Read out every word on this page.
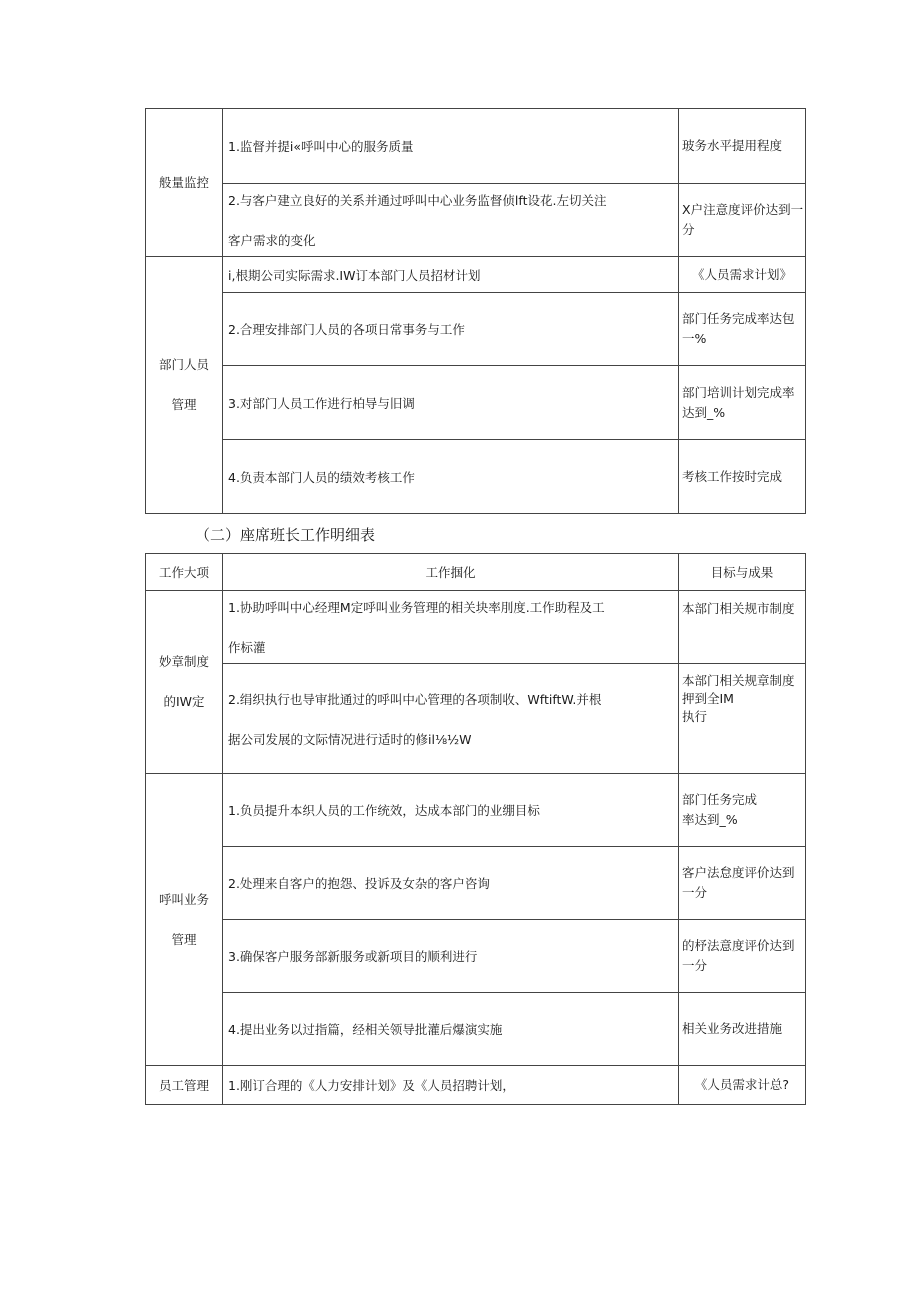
般量监控	1.监督并提i«呼叫中心的服务质量	玻务水平提用程度

	2.与客户建立良好的关系并通过呼叫中心业务监督侦lft设花.左切关注
客户需求的变化	X户注意度评价达到一
分

部门人员
管理	i,根期公司实际需求.IW订本部门人员招材计划	《人员需求计划》
	2.合理安排部门人员的各项日常事务与工作	部门任务完成率达包
一%

	3.对部门人员工作进行柏导与旧调	部门培训计划完成率
达到_%

	4.负责本部门人员的绩效考核工作	考核工作按时完成
（二）座席班长工作明细表
工作大项	工作掴化	目标与成果

妙章制度
的IW定	1.协助呼叫中心经理M定呼叫业务管理的相关块率刖度.工作助程及工
作标灌	本部门相关规市制度

	2.绢织执行也导审批通过的呼叫中心管理的各项制收、WftiftW.并根
据公司发展的文际情况进行适时的修il⅛½W	本部门相关规章制度
押到全IM
执行

呼叫业务
管理	1.负员提升本织人员的工作统效，达成本部门的业绷目标	部门任务完成
率达到_%

	2.处理来自客户的抱怨、投诉及女杂的客户咨询	客户法怠度评价达到
一分

	3.确保客户服务部新服务或新项目的顺利进行	的杼法意度评价达到
一分

	4.提出业务以过指篇，经相关领导批灌后爆演实施	相关业务改进措施
员工管理	1.刚订合理的《人力安排计划》及《人员招聘计划，	《人员需求计总?
